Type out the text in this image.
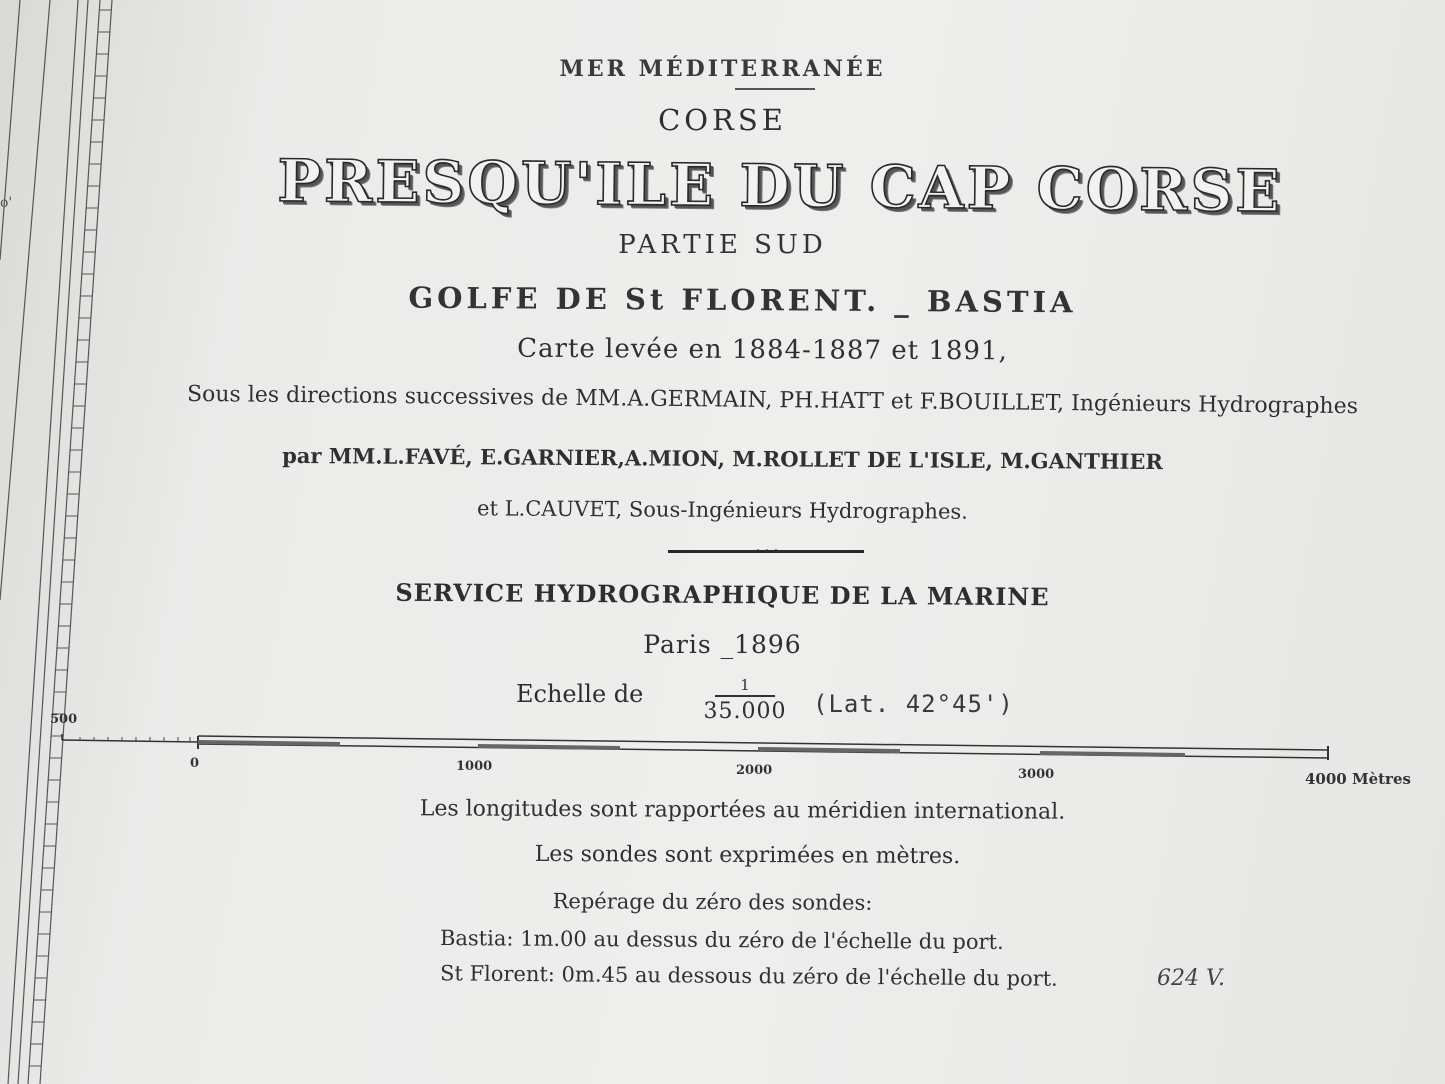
o'
MER MÉDITERRANÉE
CORSE
PRESQU'ILE DU CAP CORSE
PARTIE SUD
GOLFE DE St FLORENT. _ BASTIA
Carte levée en 1884-1887 et 1891,
Sous les directions successives de MM.A.GERMAIN, PH.HATT et F.BOUILLET, Ingénieurs Hydrographes
par MM.L.FAVÉ, E.GARNIER,A.MION, M.ROLLET DE L'ISLE, M.GANTHIER
et L.CAUVET, Sous-Ingénieurs Hydrographes.
SERVICE HYDROGRAPHIQUE DE LA MARINE
Paris _1896
Echelle de	1
35.000	(Lat. 42°45')
500
0	1000	2000	3000	4000 Mètres
Les longitudes sont rapportées au méridien international.
Les sondes sont exprimées en mètres.
Repérage du zéro des sondes:
Bastia: 1m.00 au dessus du zéro de l'échelle du port.
St Florent: 0m.45 au dessous du zéro de l'échelle du port.	624 V.
